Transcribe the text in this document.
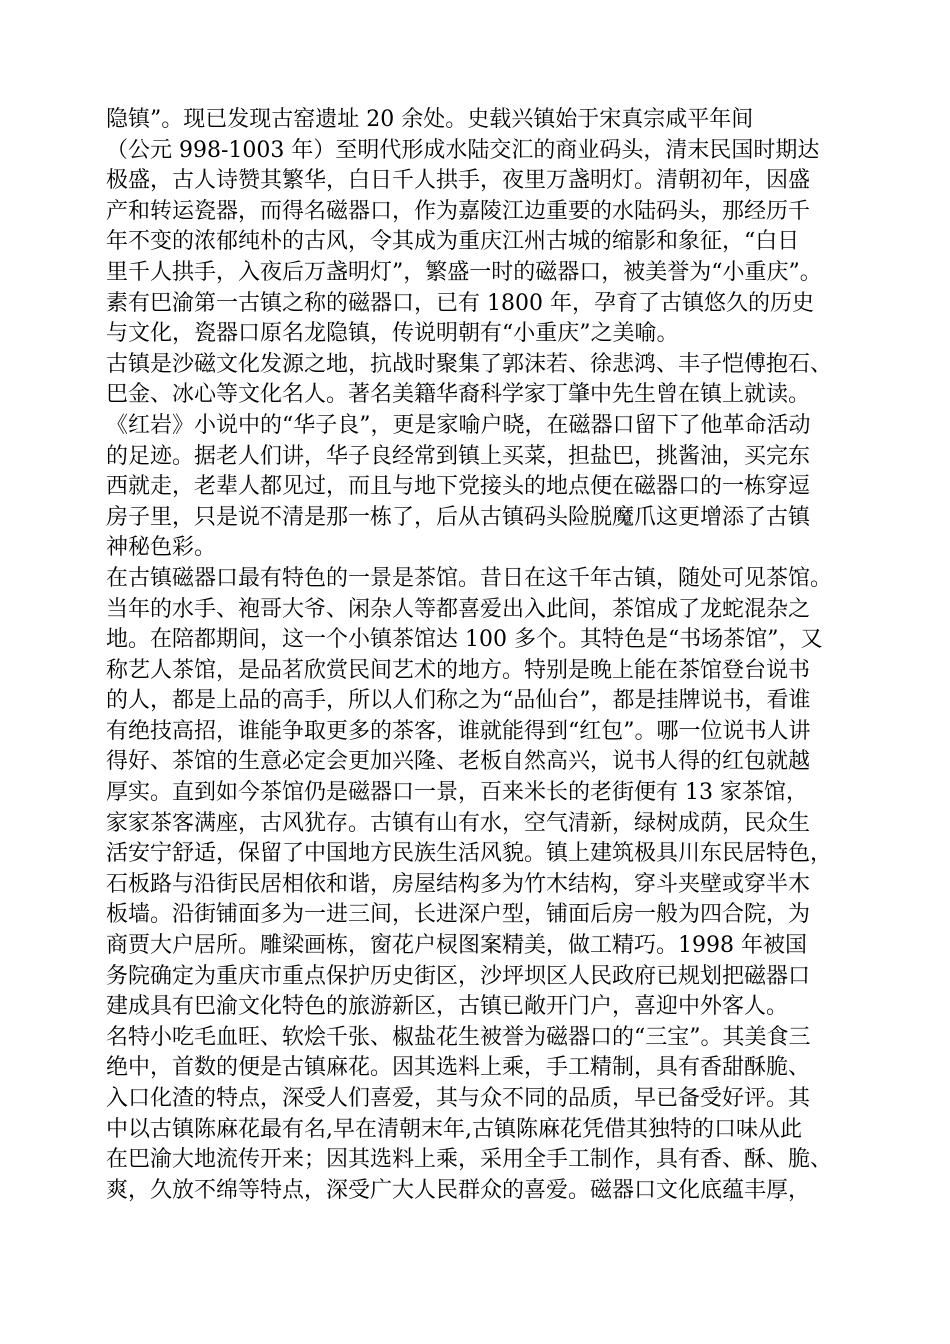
隐镇”。现已发现古窑遗址 20 余处。史载兴镇始于宋真宗咸平年间
（公元 998-1003 年）至明代形成水陆交汇的商业码头，清末民国时期达
极盛，古人诗赞其繁华，白日千人拱手，夜里万盏明灯。清朝初年，因盛
产和转运瓷器，而得名磁器口，作为嘉陵江边重要的水陆码头，那经历千
年不变的浓郁纯朴的古风，令其成为重庆江州古城的缩影和象征，“白日
里千人拱手，入夜后万盏明灯”，繁盛一时的磁器口，被美誉为“小重庆”。
素有巴渝第一古镇之称的磁器口，已有 1800 年，孕育了古镇悠久的历史
与文化，瓷器口原名龙隐镇，传说明朝有“小重庆”之美喻。
古镇是沙磁文化发源之地，抗战时聚集了郭沫若、徐悲鸿、丰子恺傅抱石、
巴金、冰心等文化名人。著名美籍华裔科学家丁肇中先生曾在镇上就读。
《红岩》小说中的“华子良”，更是家喻户晓，在磁器口留下了他革命活动
的足迹。据老人们讲，华子良经常到镇上买菜，担盐巴，挑酱油，买完东
西就走，老辈人都见过，而且与地下党接头的地点便在磁器口的一栋穿逗
房子里，只是说不清是那一栋了，后从古镇码头险脱魔爪这更增添了古镇
神秘色彩。
在古镇磁器口最有特色的一景是茶馆。昔日在这千年古镇，随处可见茶馆。
当年的水手、袍哥大爷、闲杂人等都喜爱出入此间，茶馆成了龙蛇混杂之
地。在陪都期间，这一个小镇茶馆达 100 多个。其特色是“书场茶馆”，又
称艺人茶馆，是品茗欣赏民间艺术的地方。特别是晚上能在茶馆登台说书
的人，都是上品的高手，所以人们称之为“品仙台”，都是挂牌说书，看谁
有绝技高招，谁能争取更多的茶客，谁就能得到“红包”。哪一位说书人讲
得好、茶馆的生意必定会更加兴隆、老板自然高兴，说书人得的红包就越
厚实。直到如今茶馆仍是磁器口一景，百来米长的老街便有 13 家茶馆，
家家茶客满座，古风犹存。古镇有山有水，空气清新，绿树成荫，民众生
活安宁舒适，保留了中国地方民族生活风貌。镇上建筑极具川东民居特色，
石板路与沿街民居相依和谐，房屋结构多为竹木结构，穿斗夹壁或穿半木
板墙。沿街铺面多为一进三间，长进深户型，铺面后房一般为四合院，为
商贾大户居所。雕梁画栋，窗花户棂图案精美，做工精巧。1998 年被国
务院确定为重庆市重点保护历史街区，沙坪坝区人民政府已规划把磁器口
建成具有巴渝文化特色的旅游新区，古镇已敞开门户，喜迎中外客人。
名特小吃毛血旺、软烩千张、椒盐花生被誉为磁器口的“三宝”。其美食三
绝中，首数的便是古镇麻花。因其选料上乘，手工精制，具有香甜酥脆、
入口化渣的特点，深受人们喜爱，其与众不同的品质，早已备受好评。其
中以古镇陈麻花最有名,早在清朝末年,古镇陈麻花凭借其独特的口味从此
在巴渝大地流传开来；因其选料上乘，采用全手工制作，具有香、酥、脆、
爽，久放不绵等特点，深受广大人民群众的喜爱。磁器口文化底蕴丰厚，
